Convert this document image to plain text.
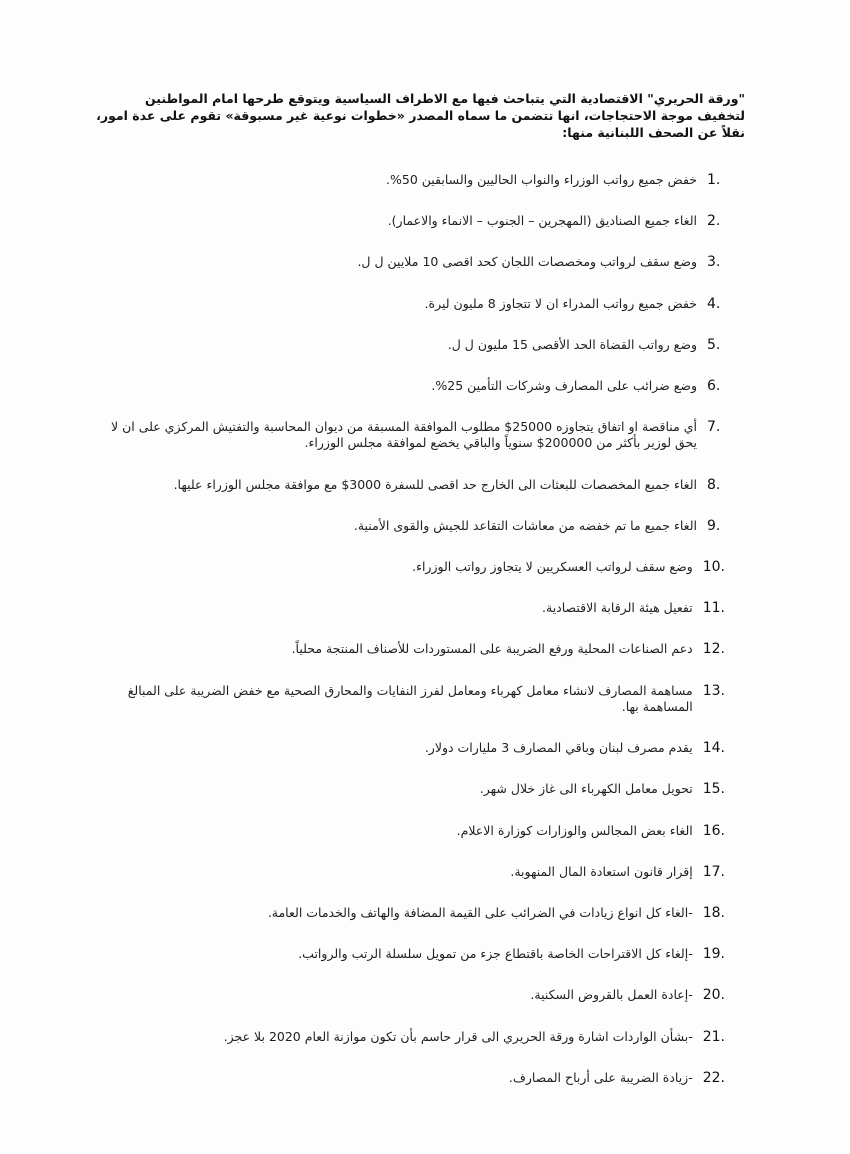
"ورقة الحريري" الاقتصادية التي يتباحث فيها مع الاطراف السياسية ويتوقع طرحها امام المواطنين لتخفيف موجة الاحتجاجات، انها تتضمن ما سماه المصدر «خطوات نوعية غير مسبوقة» تقوم على عدة امور، نقلاً عن الصحف اللبنانية منها:
1.
خفض جميع رواتب الوزراء والنواب الحاليين والسابقين 50%.
2.
الغاء جميع الصناديق (المهجرين – الجنوب – الانماء والاعمار).
3.
وضع سقف لرواتب ومخصصات اللجان كحد اقصى 10 ملايين ل ل.
4.
خفض جميع رواتب المدراء ان لا تتجاوز 8 مليون ليرة.
5.
وضع رواتب القضاة الحد الأقصى 15 مليون ل ل.
6.
وضع ضرائب على المصارف وشركات التأمين 25%.
7.
أي مناقصة او اتفاق يتجاوزه 25000$ مطلوب الموافقة المسبقة من ديوان المحاسبة والتفتيش المركزي على ان لا يحق لوزير بأكثر من 200000$ سنوياً والباقي يخضع لموافقة مجلس الوزراء.
8.
الغاء جميع المخصصات للبعثات الى الخارج حد اقصى للسفرة 3000$ مع موافقة مجلس الوزراء عليها.
9.
الغاء جميع ما تم خفضه من معاشات التقاعد للجيش والقوى الأمنية.
10.
وضع سقف لرواتب العسكريين لا يتجاوز رواتب الوزراء.
11.
تفعيل هيئة الرقابة الاقتصادية.
12.
دعم الصناعات المحلية ورفع الضريبة على المستوردات للأصناف المنتجة محلياً.
13.
مساهمة المصارف لانشاء معامل كهرباء ومعامل لفرز النفايات والمحارق الصحية مع خفض الضريبة على المبالغ المساهمة بها.
14.
يقدم مصرف لبنان وباقي المصارف 3 مليارات دولار.
15.
تحويل معامل الكهرباء الى غاز خلال شهر.
16.
الغاء بعض المجالس والوزارات كوزارة الاعلام.
17.
إقرار قانون استعادة المال المنهوبة.
18.
-الغاء كل انواع زيادات في الضرائب على القيمة المضافة والهاتف والخدمات العامة.
19.
-إلغاء كل الاقتراحات الخاصة باقتطاع جزء من تمويل سلسلة الرتب والرواتب.
20.
-إعادة العمل بالقروض السكنية.
21.
-بشأن الواردات اشارة ورقة الحريري الى قرار حاسم بأن تكون موازنة العام 2020 بلا عجز.
22.
-زيادة الضريبة على أرباح المصارف.
